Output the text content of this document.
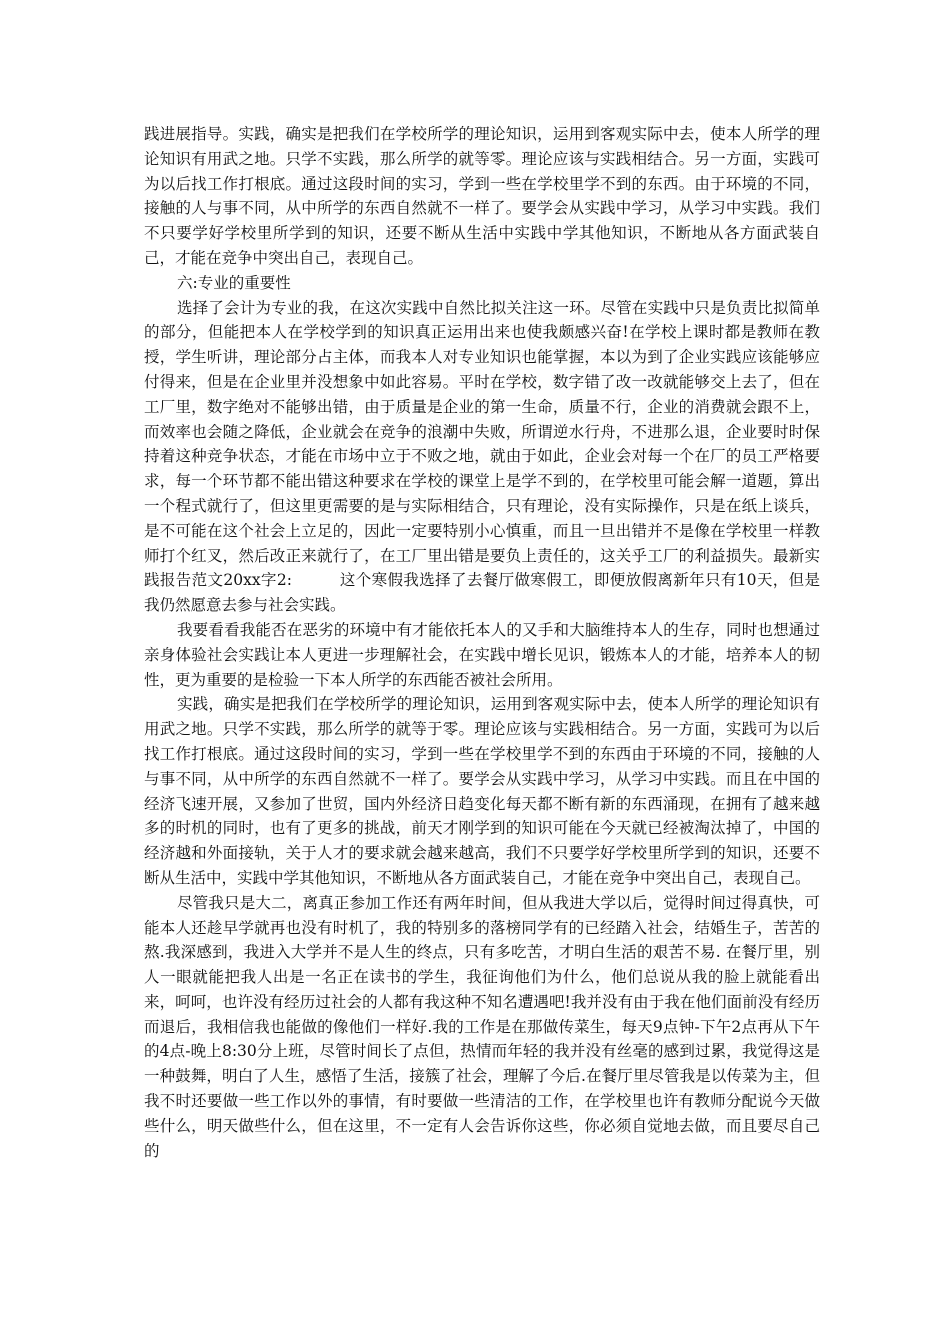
践进展指导。实践，确实是把我们在学校所学的理论知识，运用到客观实际中去，使本人所学的理论知识有用武之地。只学不实践，那么所学的就等零。理论应该与实践相结合。另一方面，实践可为以后找工作打根底。通过这段时间的实习，学到一些在学校里学不到的东西。由于环境的不同，接触的人与事不同，从中所学的东西自然就不一样了。要学会从实践中学习，从学习中实践。我们不只要学好学校里所学到的知识，还要不断从生活中实践中学其他知识，不断地从各方面武装自己，才能在竞争中突出自己，表现自己。

六:专业的重要性

选择了会计为专业的我，在这次实践中自然比拟关注这一环。尽管在实践中只是负责比拟简单的部分，但能把本人在学校学到的知识真正运用出来也使我颇感兴奋!在学校上课时都是教师在教授，学生听讲，理论部分占主体，而我本人对专业知识也能掌握，本以为到了企业实践应该能够应付得来，但是在企业里并没想象中如此容易。平时在学校，数字错了改一改就能够交上去了，但在工厂里，数字绝对不能够出错，由于质量是企业的第一生命，质量不行，企业的消费就会跟不上，而效率也会随之降低，企业就会在竞争的浪潮中失败，所谓逆水行舟，不进那么退，企业要时时保持着这种竞争状态，才能在市场中立于不败之地，就由于如此，企业会对每一个在厂的员工严格要求，每一个环节都不能出错这种要求在学校的课堂上是学不到的，在学校里可能会解一道题，算出一个程式就行了，但这里更需要的是与实际相结合，只有理论，没有实际操作，只是在纸上谈兵，是不可能在这个社会上立足的，因此一定要特别小心慎重，而且一旦出错并不是像在学校里一样教师打个红叉，然后改正来就行了，在工厂里出错是要负上责任的，这关乎工厂的利益损失。最新实践报告范文20xx字2:　　　这个寒假我选择了去餐厅做寒假工，即便放假离新年只有10天，但是我仍然愿意去参与社会实践。

我要看看我能否在恶劣的环境中有才能依托本人的又手和大脑维持本人的生存，同时也想通过亲身体验社会实践让本人更进一步理解社会，在实践中增长见识，锻炼本人的才能，培养本人的韧性，更为重要的是检验一下本人所学的东西能否被社会所用。

实践，确实是把我们在学校所学的理论知识，运用到客观实际中去，使本人所学的理论知识有用武之地。只学不实践，那么所学的就等于零。理论应该与实践相结合。另一方面，实践可为以后找工作打根底。通过这段时间的实习，学到一些在学校里学不到的东西由于环境的不同，接触的人与事不同，从中所学的东西自然就不一样了。要学会从实践中学习，从学习中实践。而且在中国的经济飞速开展，又参加了世贸，国内外经济日趋变化每天都不断有新的东西涌现，在拥有了越来越多的时机的同时，也有了更多的挑战，前天才刚学到的知识可能在今天就已经被淘汰掉了，中国的经济越和外面接轨，关于人才的要求就会越来越高，我们不只要学好学校里所学到的知识，还要不断从生活中，实践中学其他知识，不断地从各方面武装自己，才能在竞争中突出自己，表现自己。

尽管我只是大二，离真正参加工作还有两年时间，但从我进大学以后，觉得时间过得真快，可能本人还趁早学就再也没有时机了，我的特别多的落榜同学有的已经踏入社会，结婚生子，苦苦的熬.我深感到，我进入大学并不是人生的终点，只有多吃苦，才明白生活的艰苦不易. 在餐厅里，别人一眼就能把我人出是一名正在读书的学生，我征询他们为什么，他们总说从我的脸上就能看出来，呵呵，也许没有经历过社会的人都有我这种不知名遭遇吧!我并没有由于我在他们面前没有经历而退后，我相信我也能做的像他们一样好.我的工作是在那做传菜生，每天9点钟-下午2点再从下午的4点-晚上8:30分上班，尽管时间长了点但，热情而年轻的我并没有丝毫的感到过累，我觉得这是一种鼓舞，明白了人生，感悟了生活，接簇了社会，理解了今后.在餐厅里尽管我是以传菜为主，但我不时还要做一些工作以外的事情，有时要做一些清洁的工作，在学校里也许有教师分配说今天做些什么，明天做些什么，但在这里，不一定有人会告诉你这些，你必须自觉地去做，而且要尽自己的
